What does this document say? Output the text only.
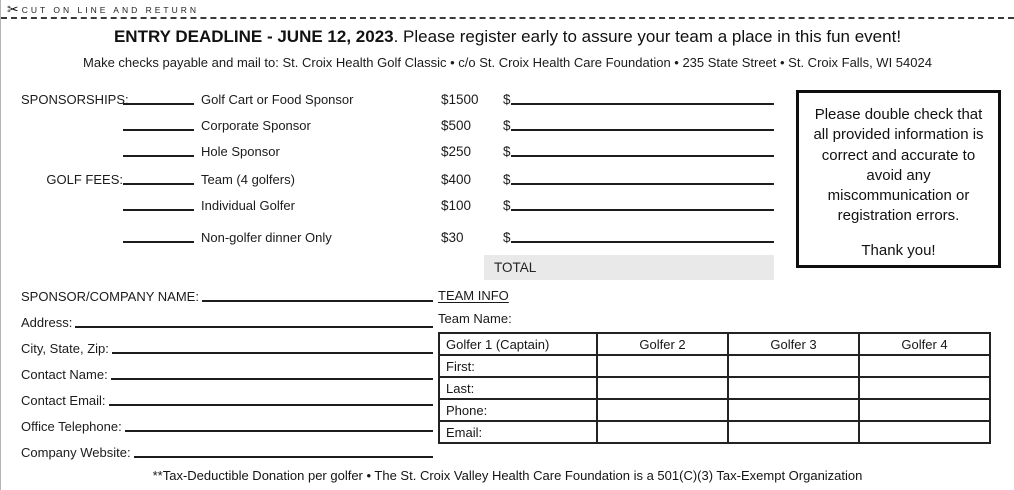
✂ CUT ON LINE AND RETURN
ENTRY DEADLINE - JUNE 12, 2023. Please register early to assure your team a place in this fun event!
Make checks payable and mail to: St. Croix Health Golf Classic • c/o St. Croix Health Care Foundation • 235 State Street • St. Croix Falls, WI 54024
SPONSORSHIPS:	Golf Cart or Food Sponsor	$1500	$
Corporate Sponsor	$500	$
Hole Sponsor	$250	$
GOLF FEES:	Team (4 golfers)	$400	$
Individual Golfer	$100	$
Non-golfer dinner Only	$30	$
TOTAL
Please double check that all provided information is correct and accurate to avoid any miscommunication or registration errors.
Thank you!
SPONSOR/COMPANY NAME:
Address:
City, State, Zip:
Contact Name:
Contact Email:
Office Telephone:
Company Website:
TEAM INFO
Team Name:
Golfer 1 (Captain)	Golfer 2	Golfer 3	Golfer 4
First:			
Last:			
Phone:			
Email:			
**Tax-Deductible Donation per golfer • The St. Croix Valley Health Care Foundation is a 501(C)(3) Tax-Exempt Organization
